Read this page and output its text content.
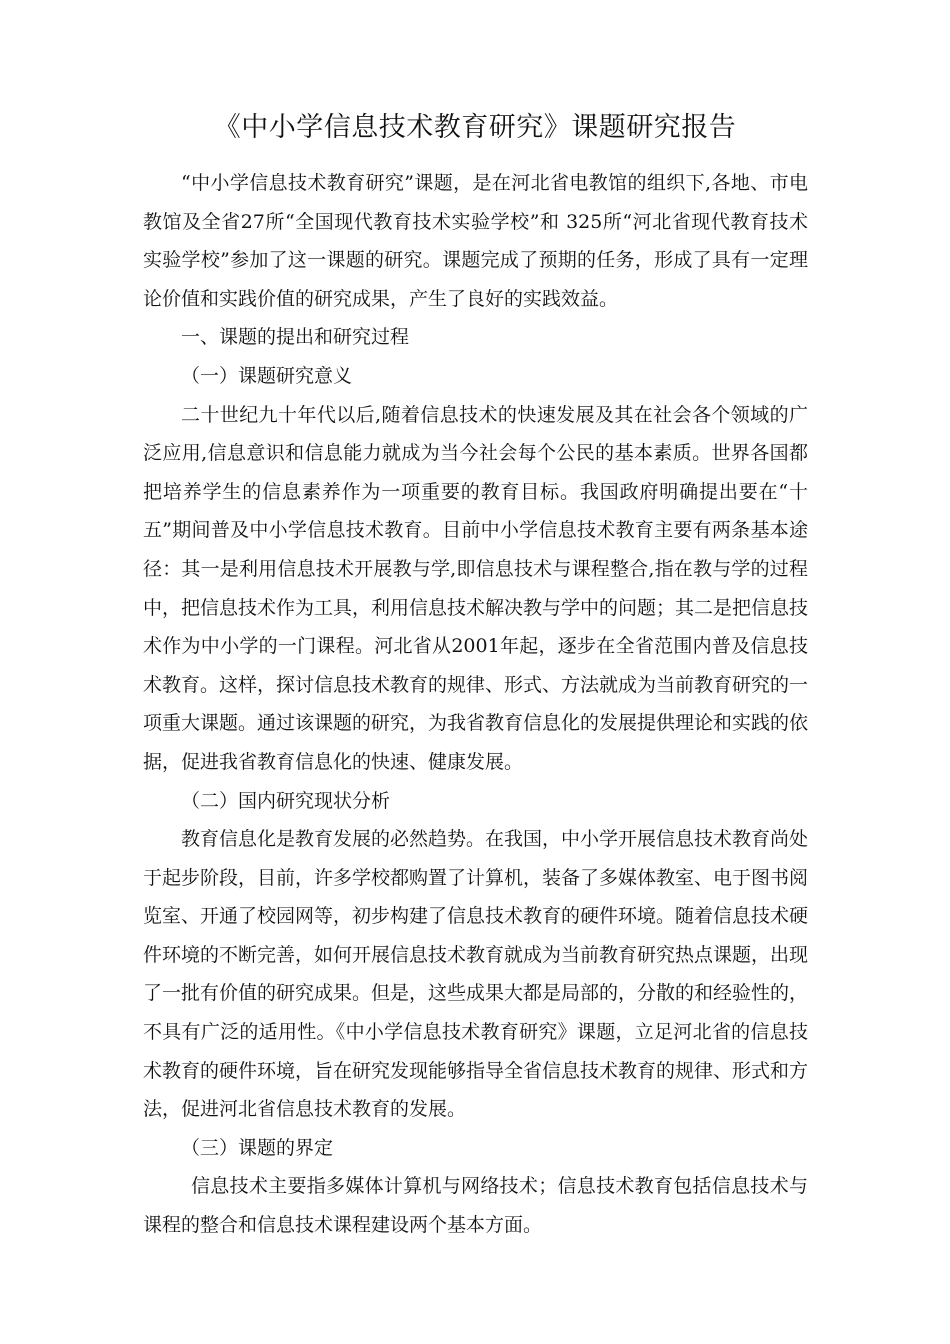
《中小学信息技术教育研究》课题研究报告

“中小学信息技术教育研究”课题，是在河北省电教馆的组织下,各地、市电教馆及全省27所“全国现代教育技术实验学校”和 325所“河北省现代教育技术实验学校”参加了这一课题的研究。课题完成了预期的任务，形成了具有一定理论价值和实践价值的研究成果，产生了良好的实践效益。

一、课题的提出和研究过程

（一）课题研究意义

二十世纪九十年代以后,随着信息技术的快速发展及其在社会各个领域的广泛应用,信息意识和信息能力就成为当今社会每个公民的基本素质。世界各国都把培养学生的信息素养作为一项重要的教育目标。我国政府明确提出要在“十五”期间普及中小学信息技术教育。目前中小学信息技术教育主要有两条基本途径：其一是利用信息技术开展教与学,即信息技术与课程整合,指在教与学的过程中，把信息技术作为工具，利用信息技术解决教与学中的问题；其二是把信息技术作为中小学的一门课程。河北省从2001年起，逐步在全省范围内普及信息技术教育。这样，探讨信息技术教育的规律、形式、方法就成为当前教育研究的一项重大课题。通过该课题的研究，为我省教育信息化的发展提供理论和实践的依据，促进我省教育信息化的快速、健康发展。

（二）国内研究现状分析

教育信息化是教育发展的必然趋势。在我国，中小学开展信息技术教育尚处于起步阶段，目前，许多学校都购置了计算机，装备了多媒体教室、电于图书阅览室、开通了校园网等，初步构建了信息技术教育的硬件环境。随着信息技术硬件环境的不断完善，如何开展信息技术教育就成为当前教育研究热点课题，出现了一批有价值的研究成果。但是，这些成果大都是局部的，分散的和经验性的，不具有广泛的适用性。《中小学信息技术教育研究》课题，立足河北省的信息技术教育的硬件环境，旨在研究发现能够指导全省信息技术教育的规律、形式和方法，促进河北省信息技术教育的发展。

（三）课题的界定

信息技术主要指多媒体计算机与网络技术；信息技术教育包括信息技术与课程的整合和信息技术课程建设两个基本方面。
